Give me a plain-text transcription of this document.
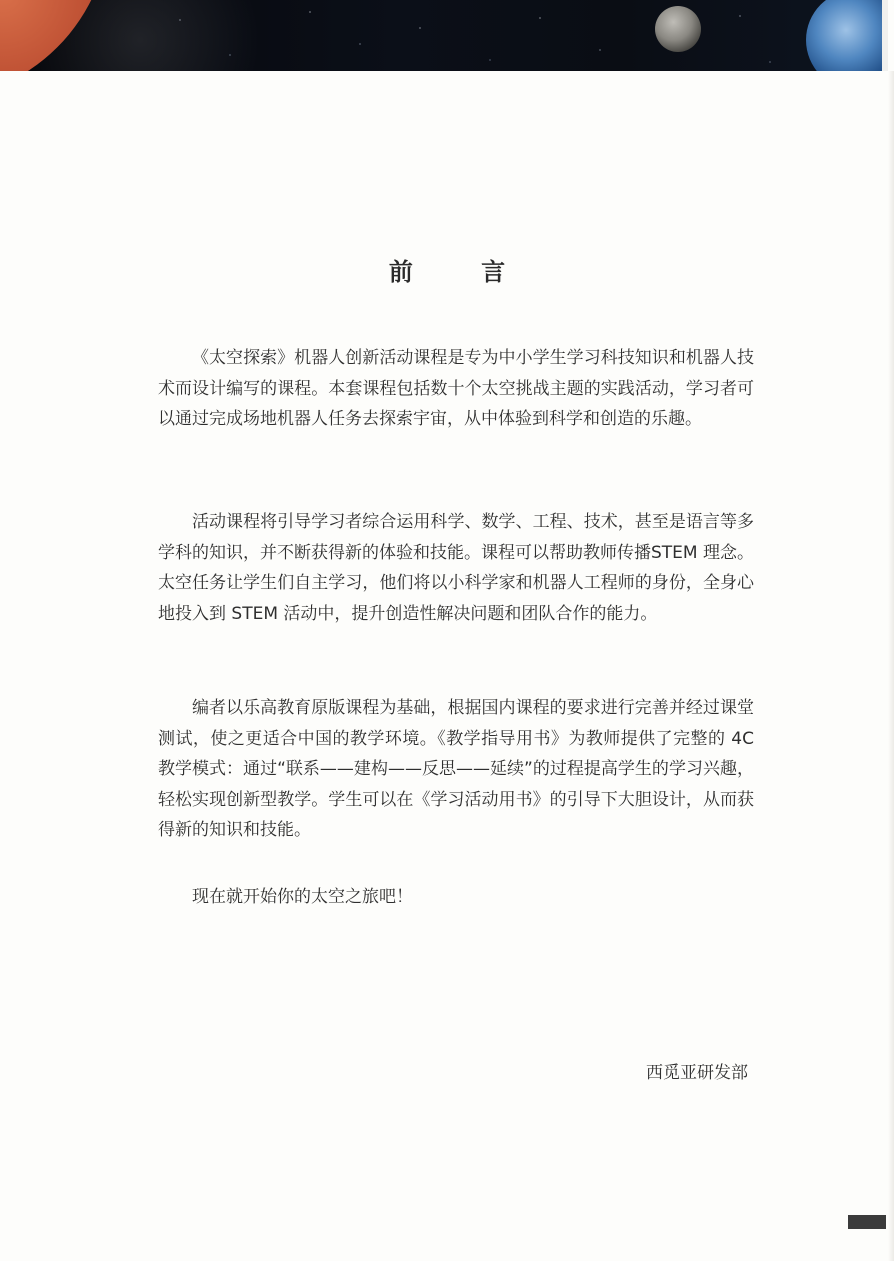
前 言

《太空探索》机器人创新活动课程是专为中小学生学习科技知识和机器人技术而设计编写的课程。本套课程包括数十个太空挑战主题的实践活动，学习者可以通过完成场地机器人任务去探索宇宙，从中体验到科学和创造的乐趣。

活动课程将引导学习者综合运用科学、数学、工程、技术，甚至是语言等多学科的知识，并不断获得新的体验和技能。课程可以帮助教师传播STEM 理念。太空任务让学生们自主学习，他们将以小科学家和机器人工程师的身份，全身心地投入到 STEM 活动中，提升创造性解决问题和团队合作的能力。

编者以乐高教育原版课程为基础，根据国内课程的要求进行完善并经过课堂测试，使之更适合中国的教学环境。《教学指导用书》为教师提供了完整的 4C 教学模式：通过“联系——建构——反思——延续”的过程提高学生的学习兴趣，轻松实现创新型教学。学生可以在《学习活动用书》的引导下大胆设计，从而获得新的知识和技能。

现在就开始你的太空之旅吧！

西觅亚研发部
